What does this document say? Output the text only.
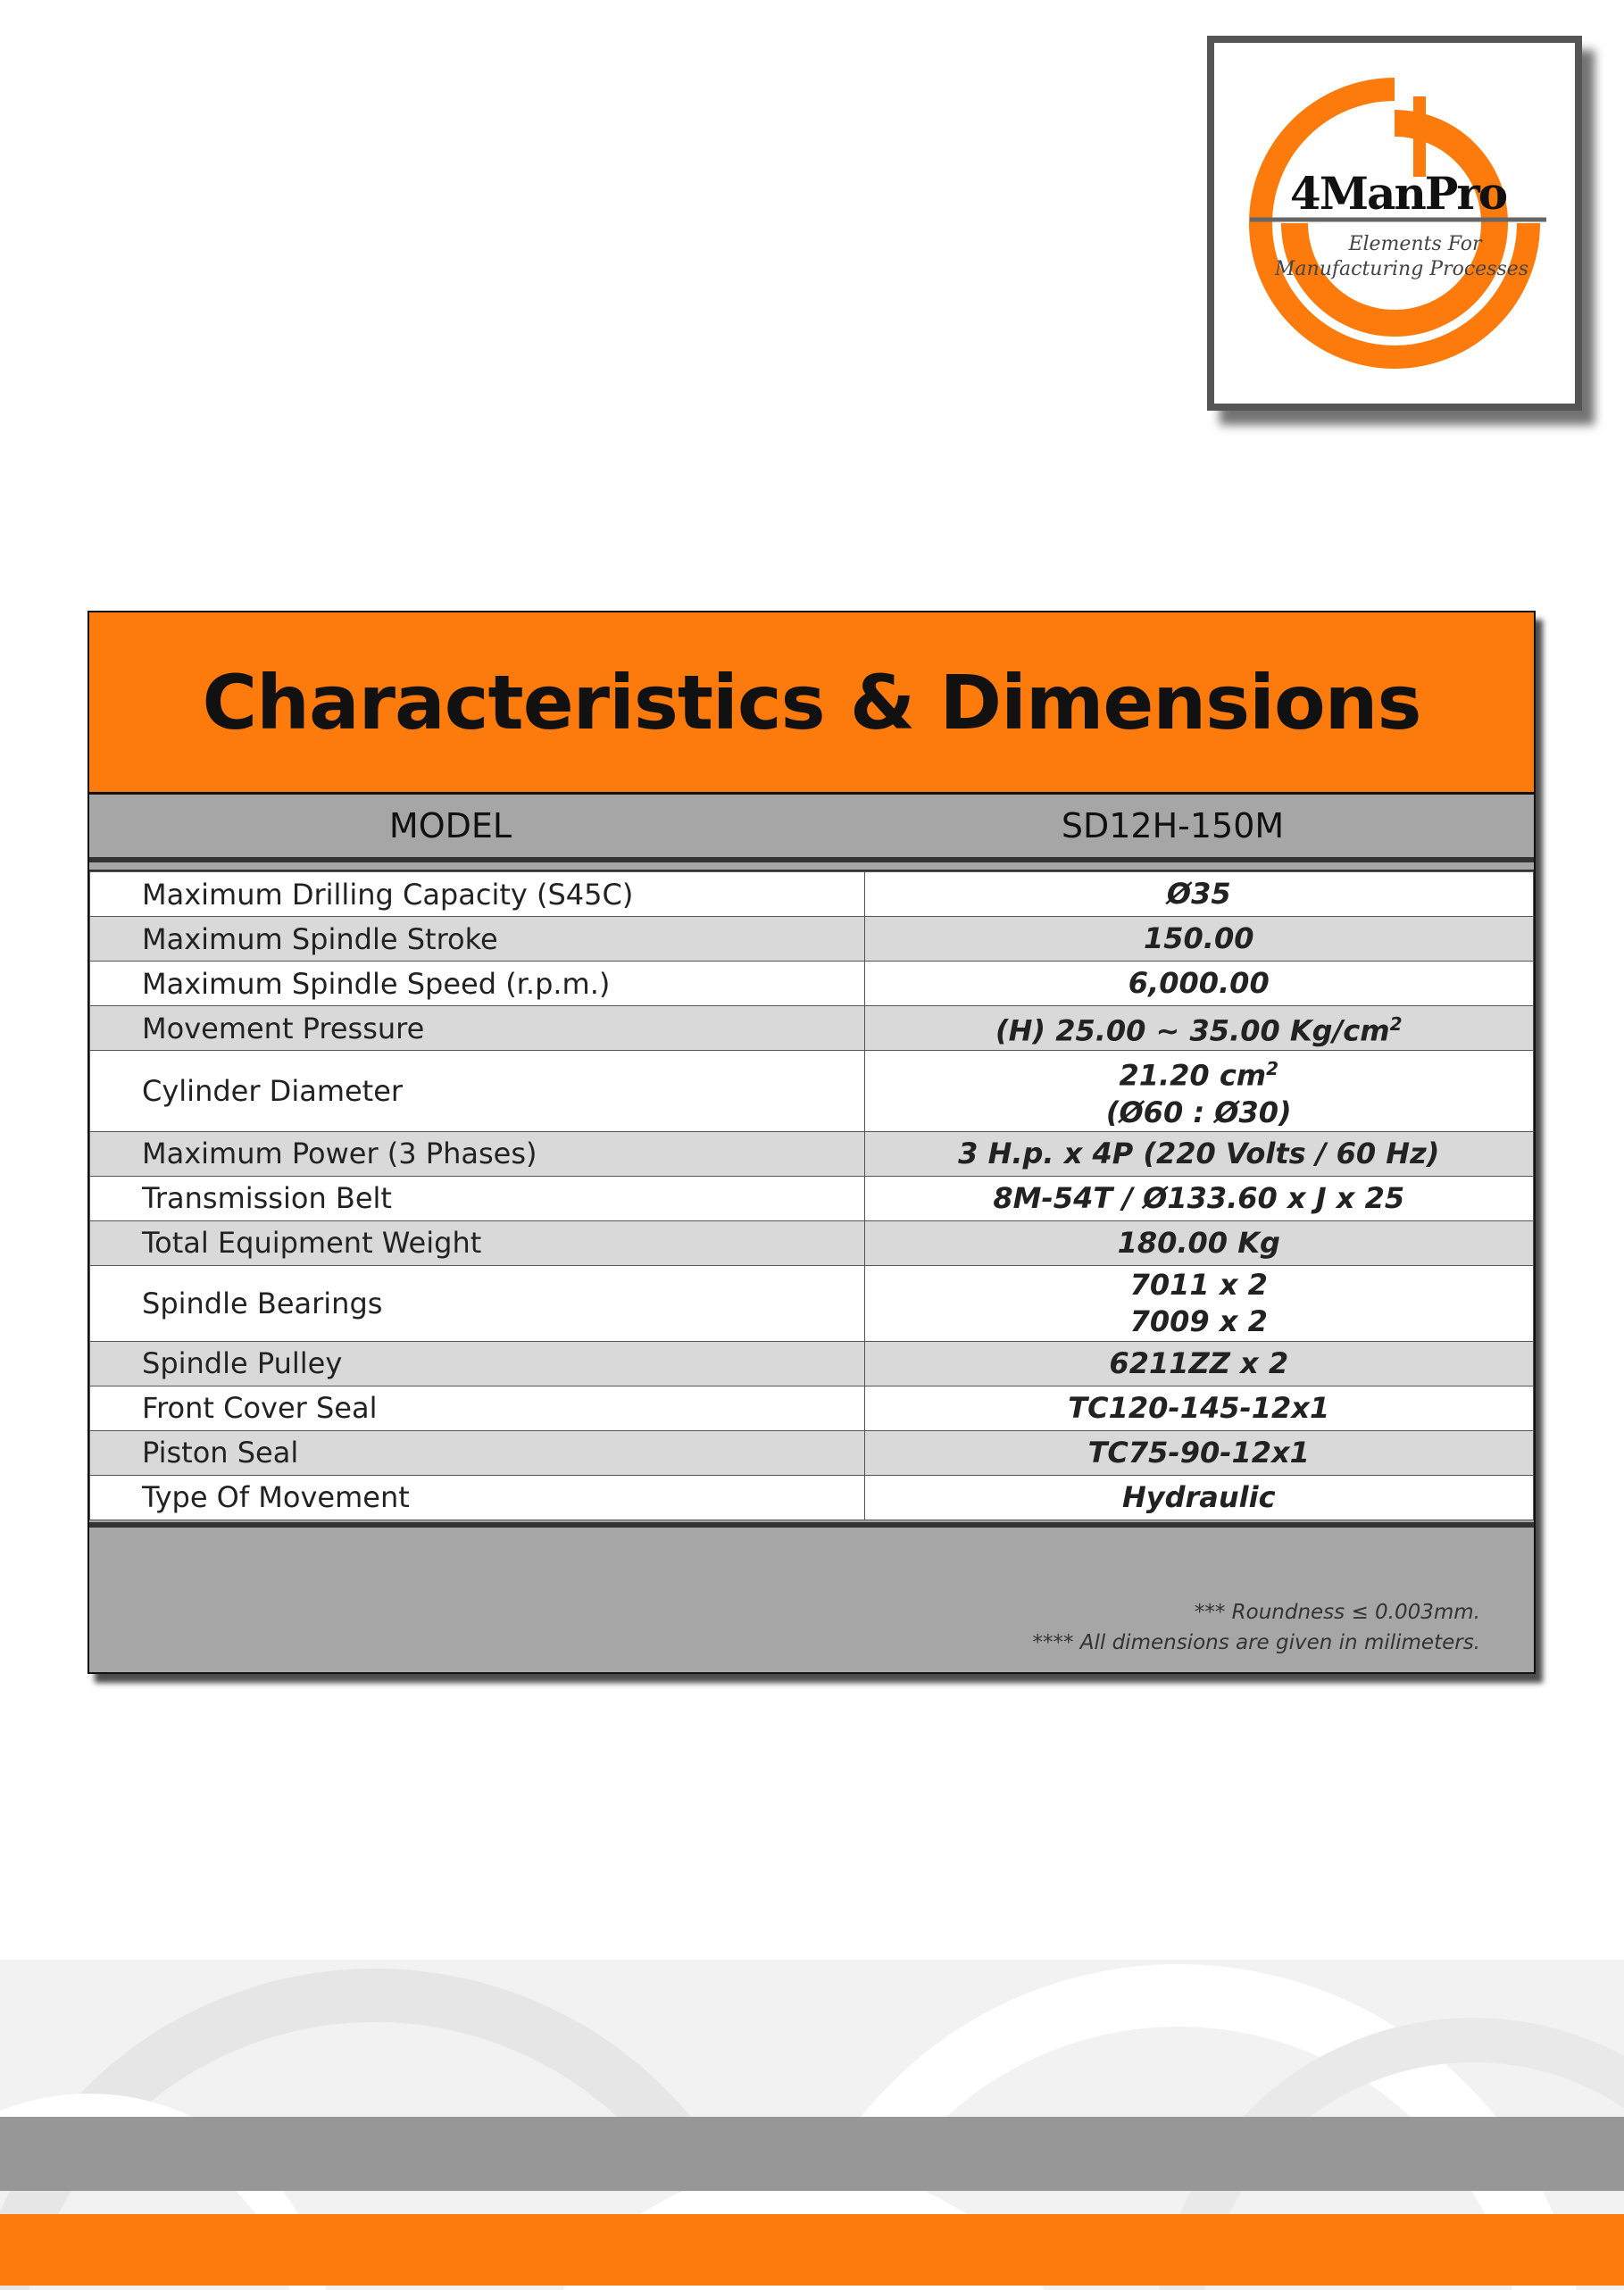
4ManPro
Elements For
Manufacturing Processes
Characteristics & Dimensions
MODEL	SD12H-150M
Maximum Drilling Capacity (S45C)	Ø35

Maximum Spindle Stroke	150.00

Maximum Spindle Speed (r.p.m.)	6,000.00

Movement Pressure	(H) 25.00 ~ 35.00 $Kg/cm^2$

Cylinder Diameter	21.20 $cm^2$
(Ø60 : Ø30)

Maximum Power (3 Phases)	3 H.p. x 4P (220 Volts / 60 Hz)

Transmission Belt	8M-54T / Ø133.60 x J x 25

Total Equipment Weight	180.00 Kg

Spindle Bearings	7011 x 2
7009 x 2

Spindle Pulley	6211ZZ x 2

Front Cover Seal	TC120-145-12x1

Piston Seal	TC75-90-12x1

Type Of Movement	Hydraulic
*** Roundness ≤ 0.003mm.
**** All dimensions are given in milimeters.
